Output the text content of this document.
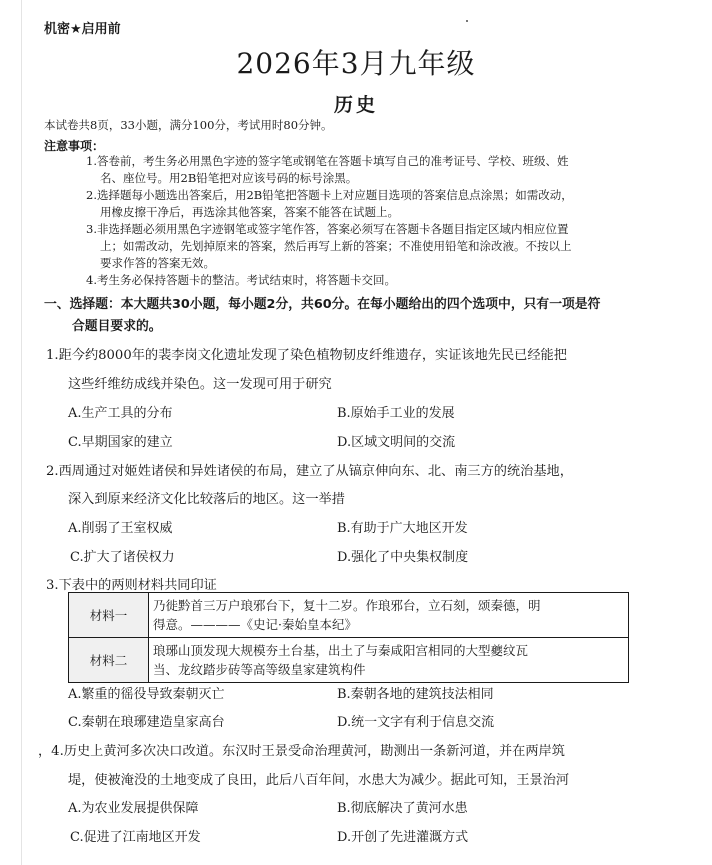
机密★启用前
2026年3月九年级
历史
本试卷共8页，33小题，满分100分，考试用时80分钟。
注意事项：
1.答卷前，考生务必用黑色字迹的签字笔或钢笔在答题卡填写自己的准考证号、学校、班级、姓
名、座位号。用2B铅笔把对应该号码的标号涂黑。
2.选择题每小题选出答案后，用2B铅笔把答题卡上对应题目选项的答案信息点涂黑；如需改动，
用橡皮擦干净后，再选涂其他答案，答案不能答在试题上。
3.非选择题必须用黑色字迹钢笔或签字笔作答，答案必须写在答题卡各题目指定区域内相应位置
上；如需改动，先划掉原来的答案，然后再写上新的答案；不准使用铅笔和涂改液。不按以上
要求作答的答案无效。
4.考生务必保持答题卡的整洁。考试结束时，将答题卡交回。
一、选择题：本大题共30小题，每小题2分，共60分。在每小题给出的四个选项中，只有一项是符
合题目要求的。
1.距今约8000年的裴李岗文化遗址发现了染色植物韧皮纤维遗存，实证该地先民已经能把
这些纤维纺成线并染色。这一发现可用于研究
A.生产工具的分布	B.原始手工业的发展
C.早期国家的建立	D.区域文明间的交流
2.西周通过对姬姓诸侯和异姓诸侯的布局，建立了从镐京伸向东、北、南三方的统治基地，
深入到原来经济文化比较落后的地区。这一举措
A.削弱了王室权威	B.有助于广大地区开发
C.扩大了诸侯权力	D.强化了中央集权制度
3.下表中的两则材料共同印证
材料一	乃徙黔首三万户琅邪台下，复十二岁。作琅邪台，立石刻，颂秦德，明
得意。————《史记·秦始皇本纪》

材料二	琅琊山顶发现大规模夯土台基，出土了与秦咸阳宫相同的大型夔纹瓦
当、龙纹踏步砖等高等级皇家建筑构件
A.繁重的徭役导致秦朝灭亡	B.秦朝各地的建筑技法相同
C.秦朝在琅琊建造皇家高台	D.统一文字有利于信息交流
，4.历史上黄河多次决口改道。东汉时王景受命治理黄河，勘测出一条新河道，并在两岸筑
堤，使被淹没的土地变成了良田，此后八百年间，水患大为减少。据此可知，王景治河
A.为农业发展提供保障	B.彻底解决了黄河水患
C.促进了江南地区开发	D.开创了先进灌溉方式
